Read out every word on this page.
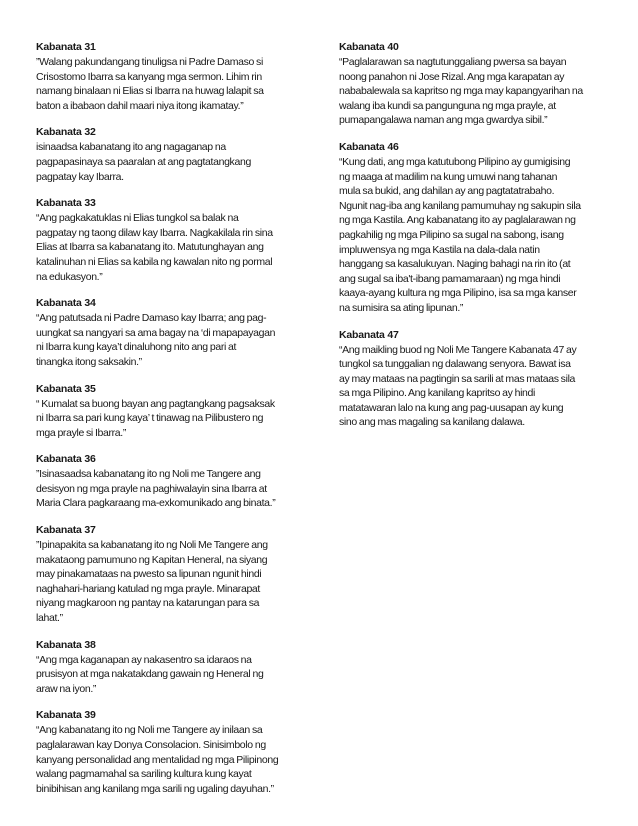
Kabanata 31
”Walang pakundangang tinuligsa ni Padre Damaso si
Crisostomo Ibarra sa kanyang mga sermon. Lihim rin
namang binalaan ni Elias si Ibarra na huwag lalapit sa
baton a ibabaon dahil maari niya itong ikamatay.”
Kabanata 32
isinaadsa kabanatang ito ang nagaganap na
pagpapasinaya sa paaralan at ang pagtatangkang
pagpatay kay Ibarra.
Kabanata 33
“Ang pagkakatuklas ni Elias tungkol sa balak na
pagpatay ng taong dilaw kay Ibarra. Nagkakilala rin sina
Elias at Ibarra sa kabanatang ito. Matutunghayan ang
katalinuhan ni Elias sa kabila ng kawalan nito ng pormal
na edukasyon.”
Kabanata 34
“Ang patutsada ni Padre Damaso kay Ibarra; ang pag-
uungkat sa nangyari sa ama bagay na ‘di mapapayagan
ni Ibarra kung kaya’t dinaluhong nito ang pari at
tinangka itong saksakin.”
Kabanata 35
“ Kumalat sa buong bayan ang pagtangkang pagsaksak
ni Ibarra sa pari kung kaya’ t tinawag na Pilibustero ng
mga prayle si Ibarra.”
Kabanata 36
”Isinasaadsa kabanatang ito ng Noli me Tangere ang
desisyon ng mga prayle na paghiwalayin sina Ibarra at
Maria Clara pagkaraang ma-exkomunikado ang binata.”
Kabanata 37
”Ipinapakita sa kabanatang ito ng Noli Me Tangere ang
makataong pamumuno ng Kapitan Heneral, na siyang
may pinakamataas na pwesto sa lipunan ngunit hindi
naghahari-hariang katulad ng mga prayle. Minarapat
niyang magkaroon ng pantay na katarungan para sa
lahat.”
Kabanata 38
“Ang mga kaganapan ay nakasentro sa idaraos na
prusisyon at mga nakatakdang gawain ng Heneral ng
araw na iyon.”
Kabanata 39
“Ang kabanatang ito ng Noli me Tangere ay inilaan sa
paglalarawan kay Donya Consolacion. Sinisimbolo ng
kanyang personalidad ang mentalidad ng mga Pilipinong
walang pagmamahal sa sariling kultura kung kayat
binibihisan ang kanilang mga sarili ng ugaling dayuhan.”
Kabanata 40
“Paglalarawan sa nagtutunggaliang pwersa sa bayan
noong panahon ni Jose Rizal. Ang mga karapatan ay
nababalewala sa kapritso ng mga may kapangyarihan na
walang iba kundi sa pangunguna ng mga prayle, at
pumapangalawa naman ang mga gwardya sibil.”
Kabanata 46
“Kung dati, ang mga katutubong Pilipino ay gumigising
ng maaga at madilim na kung umuwi nang tahanan
mula sa bukid, ang dahilan ay ang pagtatatrabaho.
Ngunit nag-iba ang kanilang pamumuhay ng sakupin sila
ng mga Kastila. Ang kabanatang ito ay paglalarawan ng
pagkahilig ng mga Pilipino sa sugal na sabong, isang
impluwensya ng mga Kastila na dala-dala natin
hanggang sa kasalukuyan. Naging bahagi na rin ito (at
ang sugal sa iba't-ibang pamamaraan) ng mga hindi
kaaya-ayang kultura ng mga Pilipino, isa sa mga kanser
na sumisira sa ating lipunan.”
Kabanata 47
“Ang maikling buod ng Noli Me Tangere Kabanata 47 ay
tungkol sa tunggalian ng dalawang senyora. Bawat isa
ay may mataas na pagtingin sa sarili at mas mataas sila
sa mga Pilipino. Ang kanilang kapritso ay hindi
matatawaran lalo na kung ang pag-uusapan ay kung
sino ang mas magaling sa kanilang dalawa.
